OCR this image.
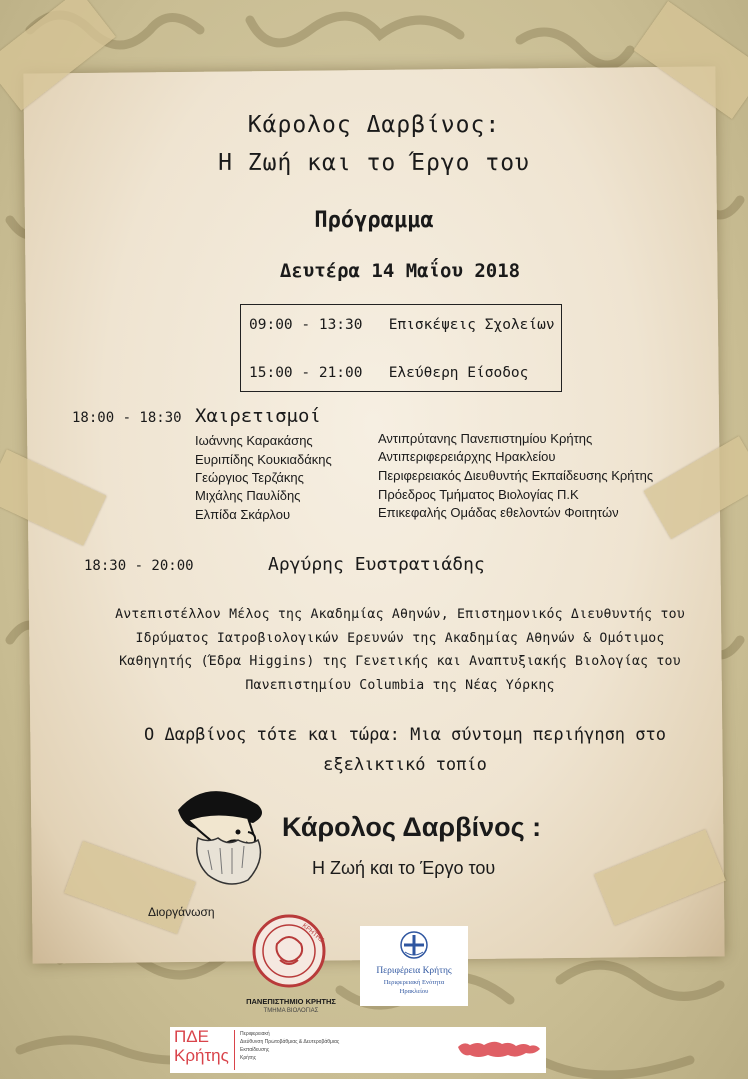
Κάρολος Δαρβίνος:
Η Ζωή και το Έργο του
Πρόγραμμα
Δευτέρα 14 Μαΐου 2018
09:00 - 13:30 Επισκέψεις Σχολείων
15:00 - 21:00 Ελεύθερη Είσοδος
18:00 - 18:30 Χαιρετισμοί
Ιωάννης Καρακάσης
Ευριπίδης Κουκιαδάκης
Γεώργιος Τερζάκης
Μιχάλης Παυλίδης
Ελπίδα Σκάρλου
Αντιπρύτανης Πανεπιστημίου Κρήτης
Αντιπεριφερειάρχης Ηρακλείου
Περιφερειακός Διευθυντής Εκπαίδευσης Κρήτης
Πρόεδρος Τμήματος Βιολογίας Π.Κ
Επικεφαλής Ομάδας εθελοντών Φοιτητών
18:30 - 20:00	Αργύρης Ευστρατιάδης
Αντεπιστέλλον Μέλος της Ακαδημίας Αθηνών, Επιστημονικός Διευθυντής του
Ιδρύματος Ιατροβιολογικών Ερευνών της Ακαδημίας Αθηνών & Ομότιμος
Καθηγητής (Έδρα Higgins) της Γενετικής και Αναπτυξιακής Βιολογίας του
Πανεπιστημίου Columbia της Νέας Υόρκης
Ο Δαρβίνος τότε και τώρα: Μια σύντομη περιήγηση στο
εξελικτικό τοπίο
Κάρολος Δαρβίνος :
Η Ζωή και το Έργο του
Διοργάνωση
ΚΡΗΤΗΣ
ΠΑΝΕΠΙΣΤΗΜΙΟ ΚΡΗΤΗΣ
ΤΜΗΜΑ ΒΙΟΛΟΓΙΑΣ
Περιφέρεια Κρήτης
Περιφερειακή Ενότητα
Ηρακλείου
ΠΔΕ
Κρήτης
Περιφερειακή
Διεύθυνση Πρωτοβάθμιας & Δευτεροβάθμιας
Εκπαίδευσης
Κρήτης
